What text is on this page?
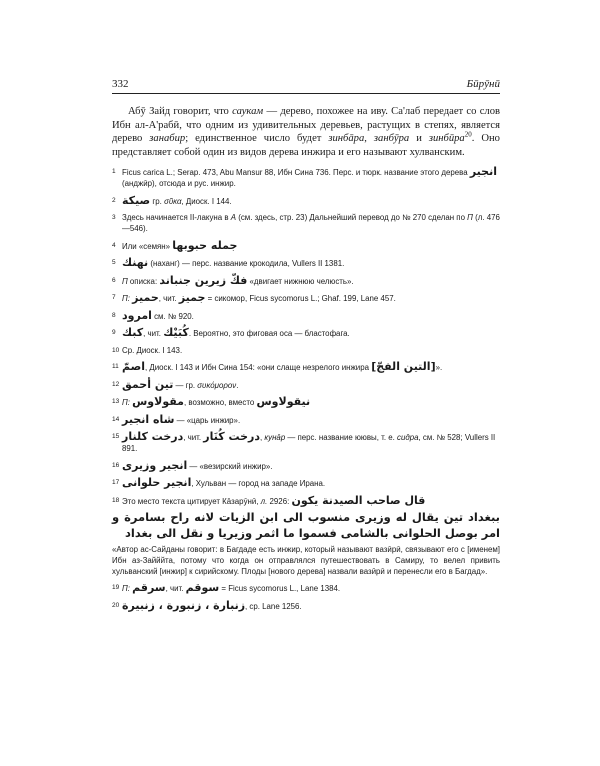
332	Бӣрӯнӣ
Абӯ Зайд говорит, что саукам — дерево, похожее на иву. Са'лаб передает со слов Ибн ал-А'рабӣ, что одним из удивительных деревьев, растущих в степях, является дерево занабир; единственное число будет зинбāра, занбӯра и зинбӣра$^{20}$. Оно представляет собой один из видов дерева инжира и его называют хулванским.
1 Ficus carica L.; Serap. 473, Abu Mansur 88, Ибн Сина 736. Перс. и тюрк. название этого дерева انجير (анджӣр), отсюда и рус. инжир.
2 صيكة гр. σῦκα, Диоск. I 144.
3 Здесь начинается II-лакуна в А (см. здесь, стр. 23) Дальнейший перевод до № 270 сделан по П (л. 476—546).
4 Или «семян» جمله حبوبها
5 نهنك (наханг) — перс. название крокодила, Vullers II 1381.
6 П описка: فكّ زيرين جنباند «двигает нижнюю челюсть».
7 П: حميز, чит. جميز = сикомор, Ficus sycomorus L.; Ghaf. 199, Lane 457.
8 امرود см. № 920.
9 كبك, чит. كُبَيْك. Вероятно, это фиговая оса — бластофага.
10 Ср. Диоск. I 143.
11 اصمّ, Диоск. I 143 и Ибн Сина 154: «они слаще незрелого инжира [التين الفجّ]».
12 تين أحمق — гр. συκόμορον.
13 П: مقولاوس, возможно, вместо نيقولاوس
14 شاه انجير — «царь инжир».
15 درخت كلنار, чит. درخت كُنَار, кунāр — перс. название юювы, т. е. сидра, см. № 528; Vullers II 891.
16 انجير وزيرى — «везирский инжир».
17 انجير حلوانى, Хульван — город на западе Ирана.
18 Это место текста цитирует Кāзарӯнӣ, л. 2926: قال صاحب الصيدنة يكون
ببغداد تين يقال له وزيرى منسوب الى ابن الزيات لانه راح بسامرة و امر بوصل الحلوانى بالشامى فسموا ما اثمر وزيريا و نقل الى بغداد
«Автор ас-Сайданы говорит: в Багдаде есть инжир, который называют вазӣрӣ, связывают его с [именем] Ибн аз-Зайййта, потому что когда он отправлялся путешествовать в Самиру, то велел привить хульванский [инжир] к сирийскому. Плоды [нового дерева] назвали вазӣрӣ и перенесли его в Багдад».
19 П: سرقم, чит. سوقم = Ficus sycomorus L., Lane 1384.
20 زنبارة ، زنبورة ، زنبيرة, ср. Lane 1256.
